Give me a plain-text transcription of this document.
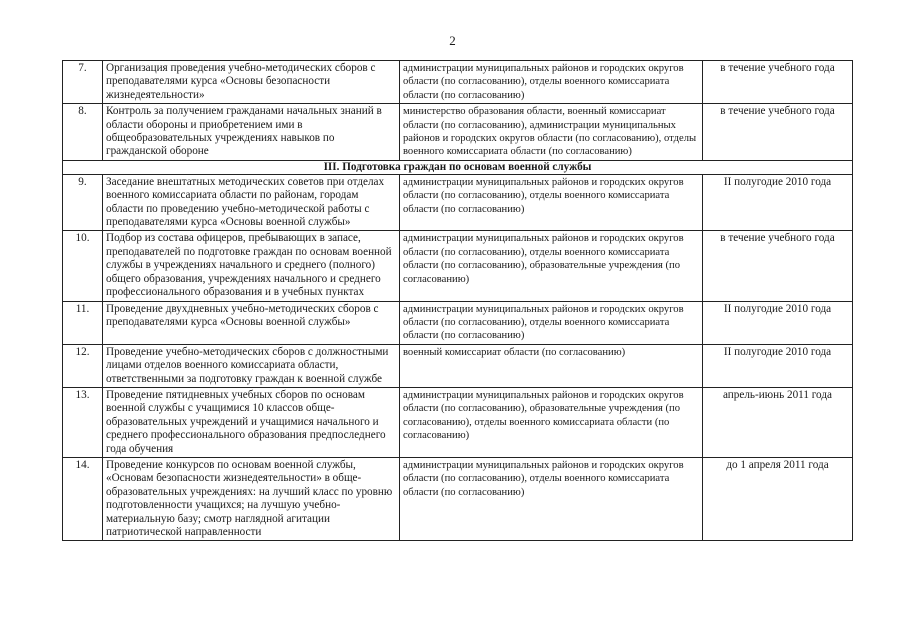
2
7.	Организация проведения учебно-методических сборов с преподавателями курса «Основы безопасности жизнедеятельности»	администрации муниципальных районов и городских округов области (по согласованию), отделы военного комиссариата области (по согласованию)	в течение учебного года
8.	Контроль за получением гражданами начальных знаний в области обороны и приобретением ими в общеобразовательных учреждениях навыков по гражданской обороне	министерство образования области, военный комиссариат области (по согласованию), администрации муниципальных районов и городских округов области (по согласованию), отделы военного комиссариата области (по согласованию)	в течение учебного года
III. Подготовка граждан по основам военной службы			
9.	Заседание внештатных методических советов при отделах военного комиссариата области по районам, городам области по проведению учебно-методической работы с преподавателями курса «Основы военной службы»	администрации муниципальных районов и городских округов области (по согласованию), отделы военного комиссариата области (по согласованию)	II полугодие 2010 года
10.	Подбор из состава офицеров, пребывающих в запасе, преподавателей по подготовке граждан по основам военной службы в учреждениях начального и среднего (полного) общего образования, учреждениях начального и среднего профессионального образования и в учебных пунктах	администрации муниципальных районов и городских округов области (по согласованию), отделы военного комиссариата области (по согласованию), образовательные учреждения (по согласованию)	в течение учебного года
11.	Проведение двухдневных учебно-методических сборов с преподавателями курса «Основы военной службы»	администрации муниципальных районов и городских округов области (по согласованию), отделы военного комиссариата области (по согласованию)	II полугодие 2010 года
12.	Проведение учебно-методических сборов с должностными лицами отделов военного комиссариата области, ответственными за подготовку граждан к военной службе	военный комиссариат области (по согласованию)	II полугодие 2010 года
13.	Проведение пятидневных учебных сборов по основам военной службы с учащимися 10 классов обще-образовательных учреждений и учащимися начального и среднего профессионального образования предпоследнего года обучения	администрации муниципальных районов и городских округов области (по согласованию), образовательные учреждения (по согласованию), отделы военного комиссариата области (по согласованию)	апрель-июнь 2011 года
14.	Проведение конкурсов по основам военной службы, «Основам безопасности жизнедеятельности» в обще-образовательных учреждениях: на лучший класс по уровню подготовленности учащихся; на лучшую учебно-материальную базу; смотр наглядной агитации патриотической направленности	администрации муниципальных районов и городских округов области (по согласованию), отделы военного комиссариата области (по согласованию)	до 1 апреля 2011 года
